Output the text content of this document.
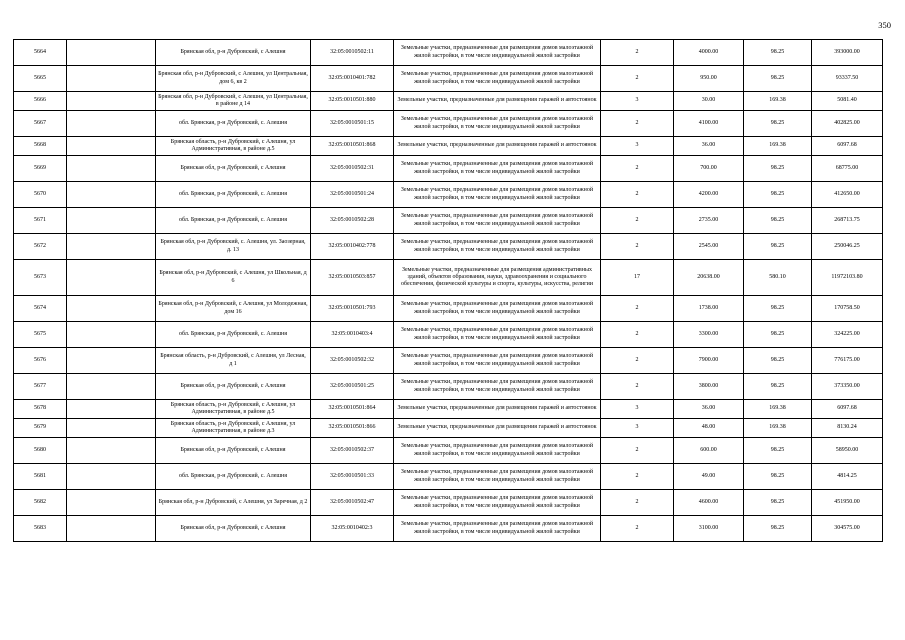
350
5664		Брянская обл, р-н Дубровский, с Алешня	32:05:0010502:11	Земельные участки, предназначенные для размещения домов малоэтажной жилой застройки, в том числе индивидуальной жилой застройки	2	4000.00	98.25	393000.00
5665		Брянская обл, р-н Дубровский, с Алешня, ул Центральная, дом 6, кв 2	32:05:0010401:782	Земельные участки, предназначенные для размещения домов малоэтажной жилой застройки, в том числе индивидуальной жилой застройки	2	950.00	98.25	93337.50
5666		Брянская обл, р-н Дубровский, с Алешня, ул Центральная, в районе д 14	32:05:0010501:880	Земельные участки, предназначенные для размещения гаражей и автостоянок	3	30.00	169.38	5081.40
5667		обл. Брянская, р-н Дубровский, с. Алешня	32:05:0010501:15	Земельные участки, предназначенные для размещения домов малоэтажной жилой застройки, в том числе индивидуальной жилой застройки	2	4100.00	98.25	402825.00
5668		Брянская область, р-н Дубровский, с Алешня, ул Административная, в районе д.5	32:05:0010501:868	Земельные участки, предназначенные для размещения гаражей и автостоянок	3	36.00	169.38	6097.68
5669		Брянская обл, р-н Дубровский, с Алешня	32:05:0010502:31	Земельные участки, предназначенные для размещения домов малоэтажной жилой застройки, в том числе индивидуальной жилой застройки	2	700.00	98.25	68775.00
5670		обл. Брянская, р-н Дубровский, с. Алешня	32:05:0010501:24	Земельные участки, предназначенные для размещения домов малоэтажной жилой застройки, в том числе индивидуальной жилой застройки	2	4200.00	98.25	412650.00
5671		обл. Брянская, р-н Дубровский, с. Алешня	32:05:0010502:28	Земельные участки, предназначенные для размещения домов малоэтажной жилой застройки, в том числе индивидуальной жилой застройки	2	2735.00	98.25	268713.75
5672		Брянская обл, р-н Дубровский, с. Алешня, ул. Заозерная, д. 13	32:05:0010402:778	Земельные участки, предназначенные для размещения домов малоэтажной жилой застройки, в том числе индивидуальной жилой застройки	2	2545.00	98.25	250046.25
5673		Брянская обл, р-н Дубровский, с Алешня, ул Школьная, д 6	32:05:0010503:857	Земельные участки, предназначенные для размещения административных зданий, объектов образования, науки, здравоохранения и социального обеспечения, физической культуры и спорта, культуры, искусства, религии	17	20638.00	580.10	11972103.80
5674		Брянская обл, р-н Дубровский, с Алешня, ул Молодежная, дом 16	32:05:0010501:793	Земельные участки, предназначенные для размещения домов малоэтажной жилой застройки, в том числе индивидуальной жилой застройки	2	1738.00	98.25	170758.50
5675		обл. Брянская, р-н Дубровский, с. Алешня	32:05:0010403:4	Земельные участки, предназначенные для размещения домов малоэтажной жилой застройки, в том числе индивидуальной жилой застройки	2	3300.00	98.25	324225.00
5676		Брянская область, р-н Дубровский, с Алешня, ул Лесная, д 1	32:05:0010502:32	Земельные участки, предназначенные для размещения домов малоэтажной жилой застройки, в том числе индивидуальной жилой застройки	2	7900.00	98.25	776175.00
5677		Брянская обл, р-н Дубровский, с Алешня	32:05:0010501:25	Земельные участки, предназначенные для размещения домов малоэтажной жилой застройки, в том числе индивидуальной жилой застройки	2	3800.00	98.25	373350.00
5678		Брянская область, р-н Дубровский, с Алешня, ул Административная, в районе д.5	32:05:0010501:864	Земельные участки, предназначенные для размещения гаражей и автостоянок	3	36.00	169.38	6097.68
5679		Брянская область, р-н Дубровский, с Алешня, ул Административная, в районе д.3	32:05:0010501:866	Земельные участки, предназначенные для размещения гаражей и автостоянок	3	48.00	169.38	8130.24
5680		Брянская обл, р-н Дубровский, с Алешня	32:05:0010502:37	Земельные участки, предназначенные для размещения домов малоэтажной жилой застройки, в том числе индивидуальной жилой застройки	2	600.00	98.25	58950.00
5681		обл. Брянская, р-н Дубровский, с. Алешня	32:05:0010501:33	Земельные участки, предназначенные для размещения домов малоэтажной жилой застройки, в том числе индивидуальной жилой застройки	2	49.00	98.25	4814.25
5682		Брянская обл, р-н Дубровский, с Алешня, ул Заречная, д 2	32:05:0010502:47	Земельные участки, предназначенные для размещения домов малоэтажной жилой застройки, в том числе индивидуальной жилой застройки	2	4600.00	98.25	451950.00
5683		Брянская обл, р-н Дубровский, с Алешня	32:05:0010402:3	Земельные участки, предназначенные для размещения домов малоэтажной жилой застройки, в том числе индивидуальной жилой застройки	2	3100.00	98.25	304575.00
